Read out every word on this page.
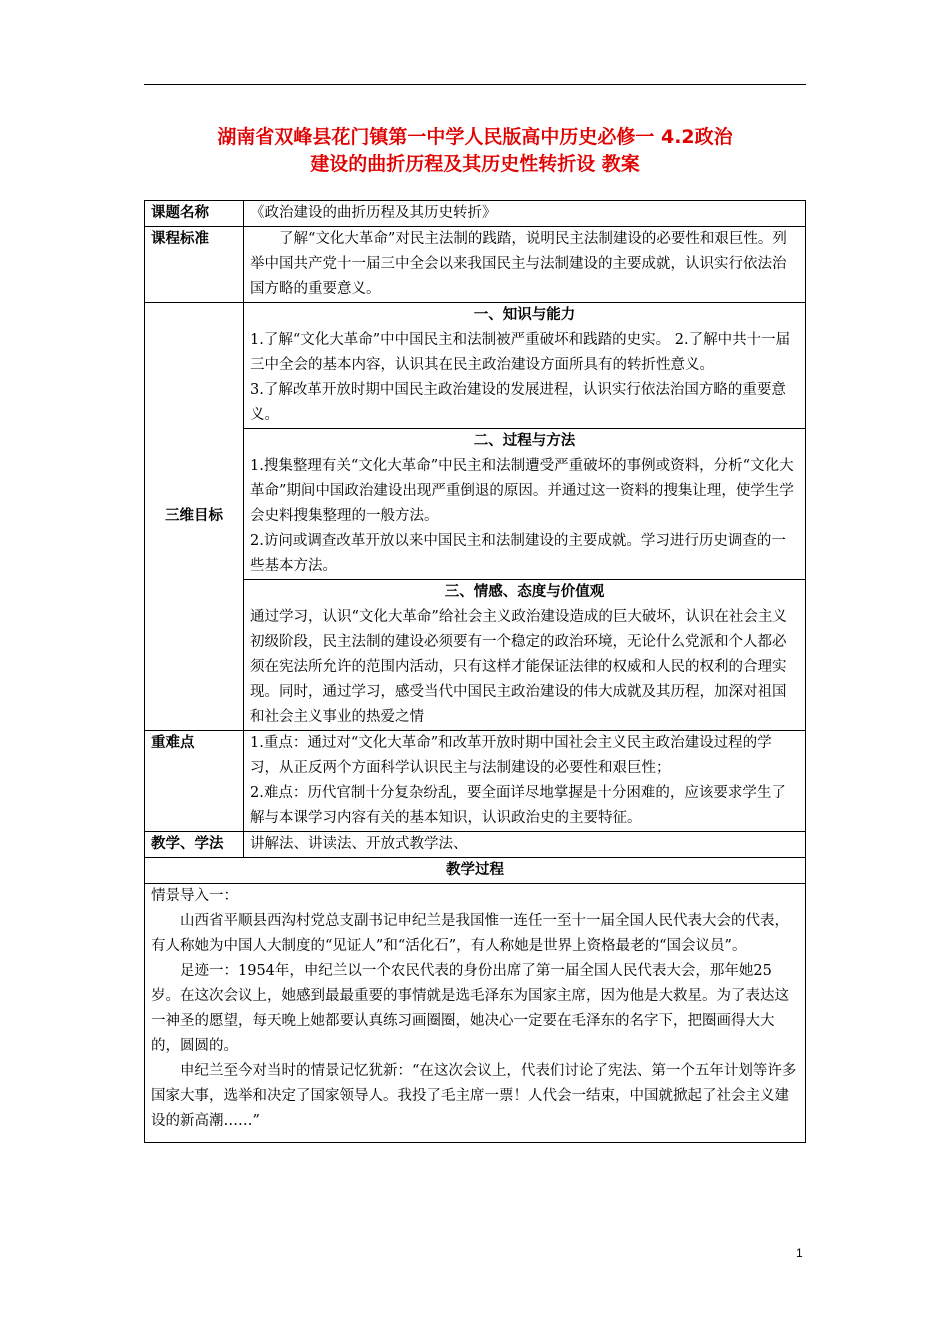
湖南省双峰县花门镇第一中学人民版高中历史必修一 4.2政治
建设的曲折历程及其历史性转折设 教案
课题名称	《政治建设的曲折历程及其历史转折》
课程标准	了解“文化大革命”对民主法制的践踏，说明民主法制建设的必要性和艰巨性。列举中国共产党十一届三中全会以来我国民主与法制建设的主要成就，认识实行依法治国方略的重要意义。

三维目标	一、知识与能力

1.了解“文化大革命”中中国民主和法制被严重破坏和践踏的史实。 2.了解中共十一届三中全会的基本内容，认识其在民主政治建设方面所具有的转折性意义。

3.了解改革开放时期中国民主政治建设的发展进程，认识实行依法治国方略的重要意义。

	二、过程与方法

1.搜集整理有关“文化大革命”中民主和法制遭受严重破坏的事例或资料，分析“文化大革命”期间中国政治建设出现严重倒退的原因。并通过这一资料的搜集让理，使学生学会史料搜集整理的一般方法。

2.访问或调查改革开放以来中国民主和法制建设的主要成就。学习进行历史调查的一些基本方法。

	三、情感、态度与价值观

通过学习，认识“文化大革命”给社会主义政治建设造成的巨大破坏，认识在社会主义初级阶段，民主法制的建设必须要有一个稳定的政治环境，无论什么党派和个人都必须在宪法所允许的范围内活动，只有这样才能保证法律的权威和人民的权利的合理实现。同时，通过学习，感受当代中国民主政治建设的伟大成就及其历程，加深对祖国和社会主义事业的热爱之情

重难点	1.重点：通过对“文化大革命”和改革开放时期中国社会主义民主政治建设过程的学习，从正反两个方面科学认识民主与法制建设的必要性和艰巨性；

2.难点：历代官制十分复杂纷乱，要全面详尽地掌握是十分困难的，应该要求学生了解与本课学习内容有关的基本知识，认识政治史的主要特征。

教学、学法	讲解法、讲读法、开放式教学法、
教学过程	

情景导入一：

山西省平顺县西沟村党总支副书记申纪兰是我国惟一连任一至十一届全国人民代表大会的代表，有人称她为中国人大制度的“见证人”和“活化石”，有人称她是世界上资格最老的“国会议员”。

足迹一：1954年，申纪兰以一个农民代表的身份出席了第一届全国人民代表大会，那年她25岁。在这次会议上，她感到最最重要的事情就是选毛泽东为国家主席，因为他是大救星。为了表达这一神圣的愿望，每天晚上她都要认真练习画圈圈，她决心一定要在毛泽东的名字下，把圈画得大大的，圆圆的。

申纪兰至今对当时的情景记忆犹新：“在这次会议上，代表们讨论了宪法、第一个五年计划等许多国家大事，选举和决定了国家领导人。我投了毛主席一票！人代会一结束，中国就掀起了社会主义建设的新高潮……”	

1
